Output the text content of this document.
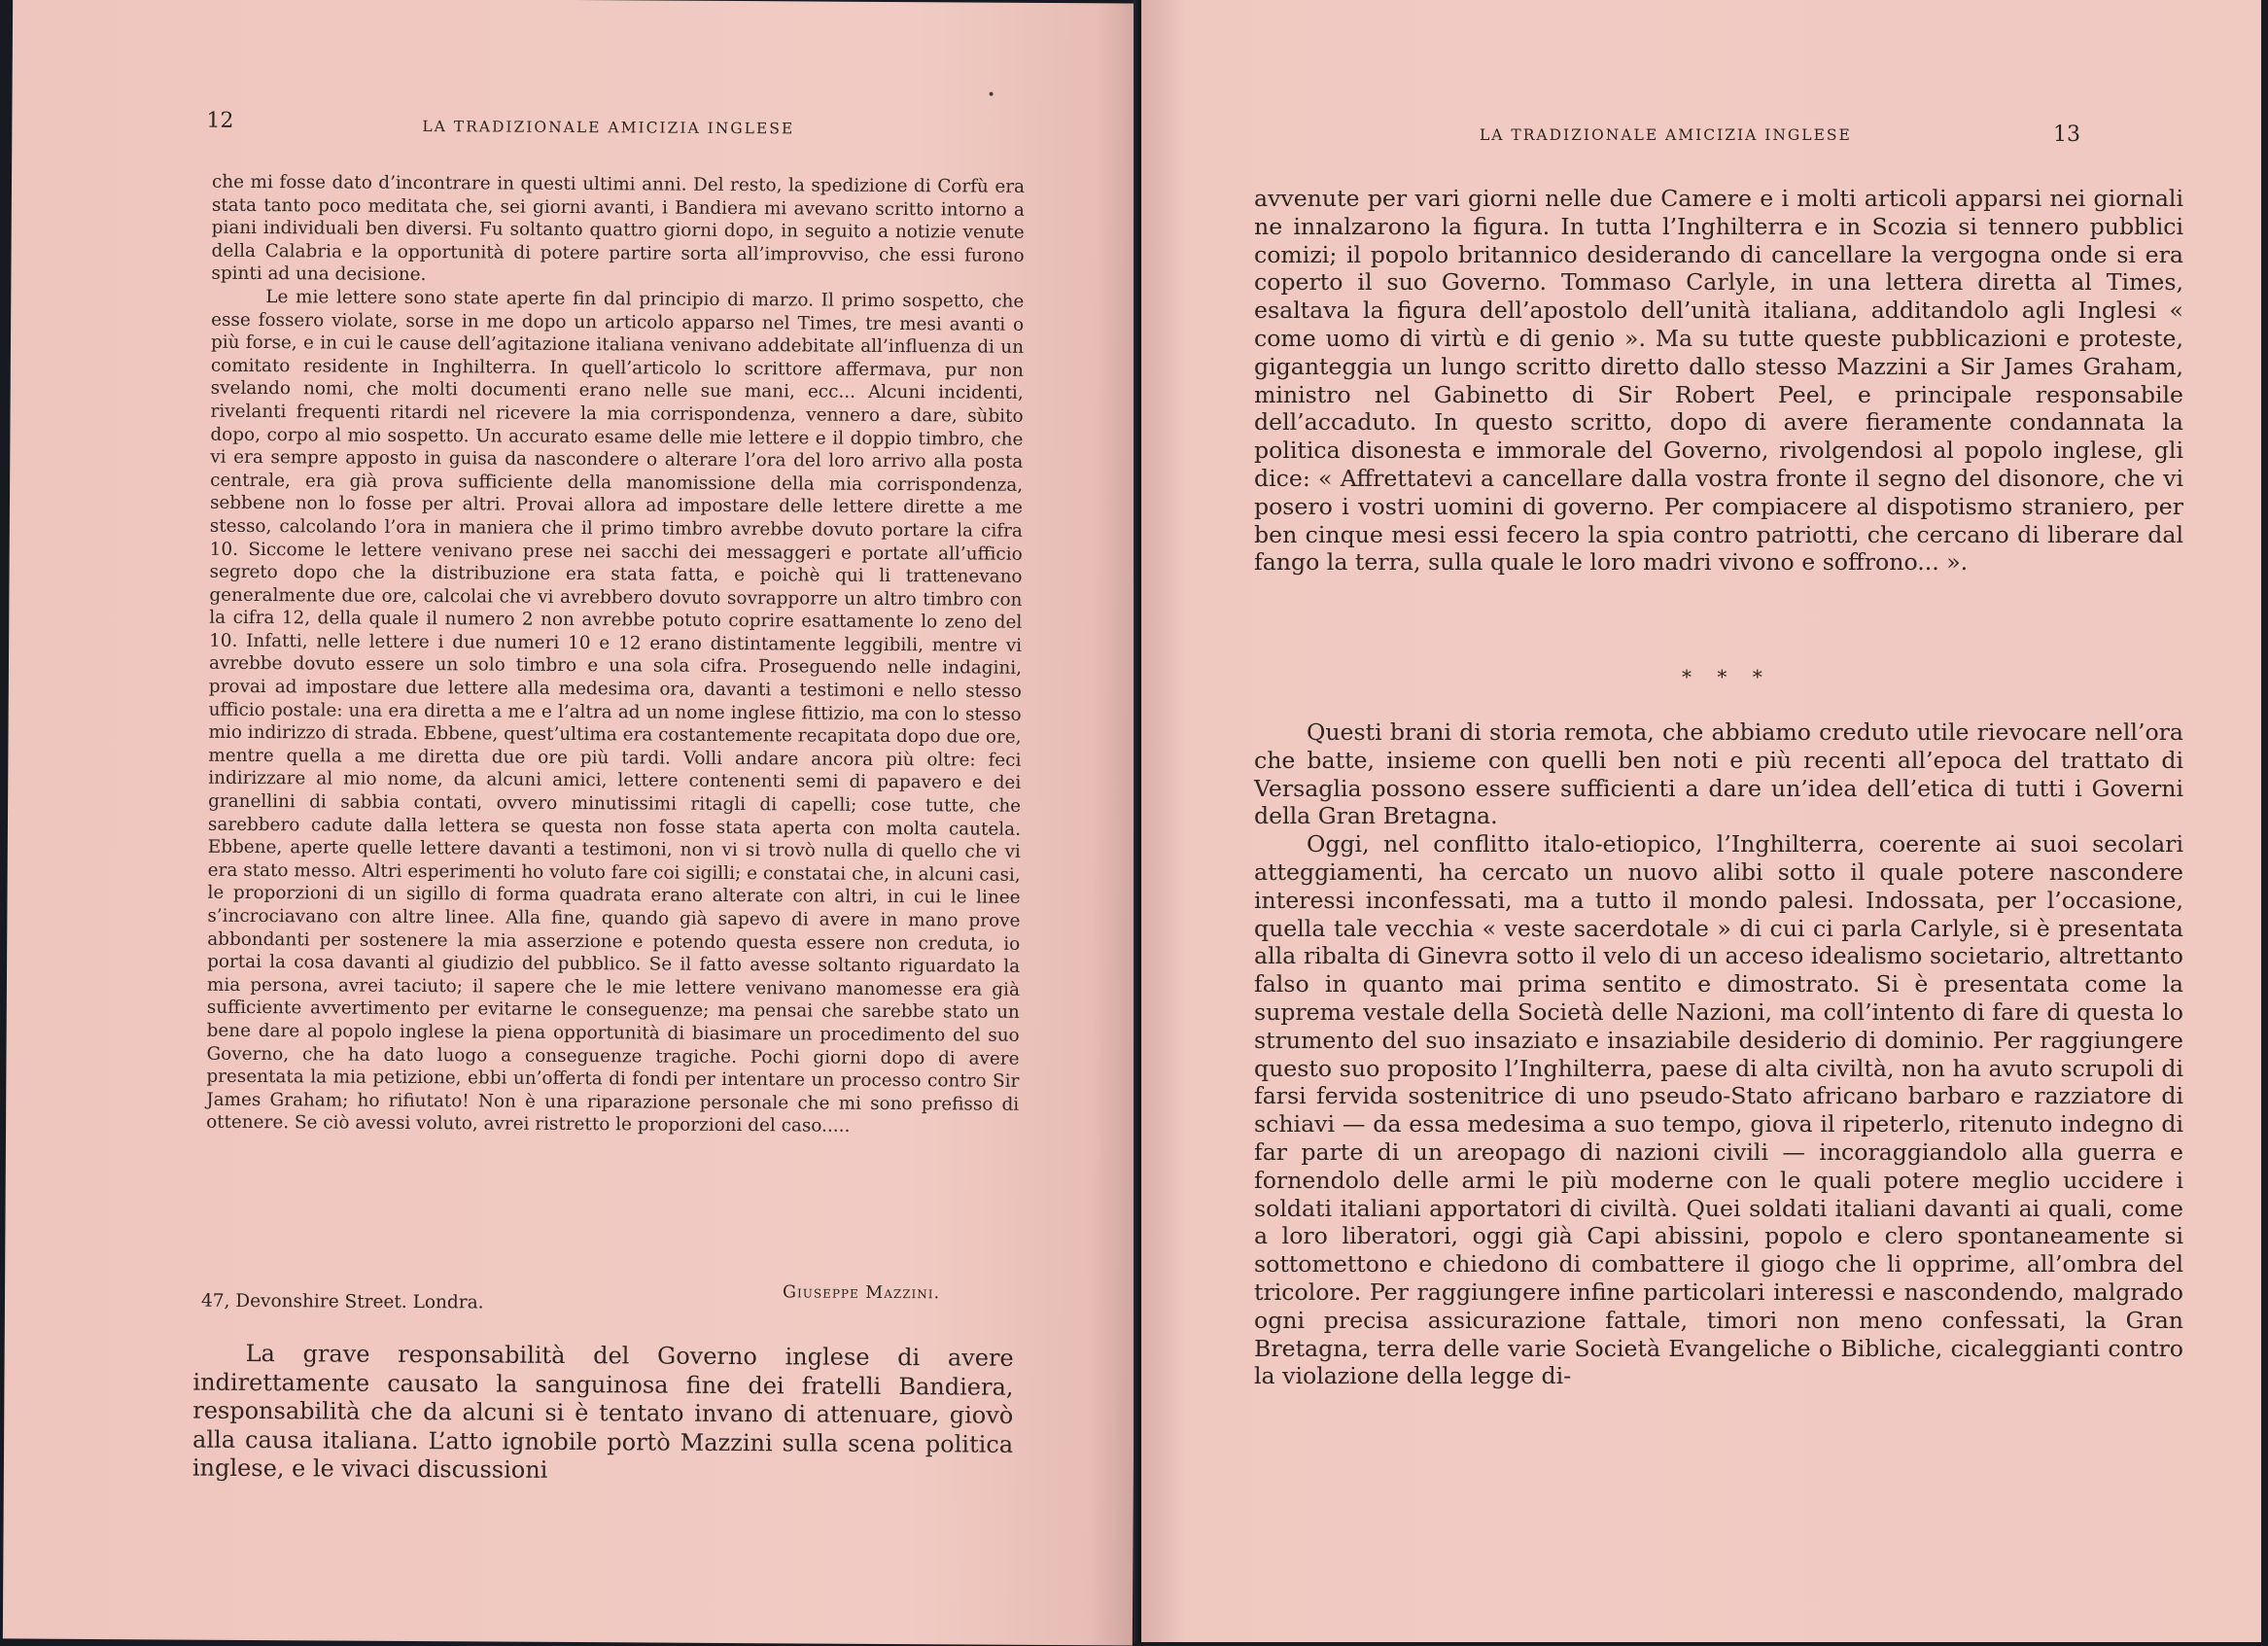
12	LA TRADIZIONALE AMICIZIA INGLESE

che mi fosse dato d’incontrare in questi ultimi anni. Del resto, la spedizione di Corfù era stata tanto poco meditata che, sei giorni avanti, i Bandiera mi avevano scritto intorno a piani individuali ben diversi. Fu soltanto quattro giorni dopo, in seguito a notizie venute della Calabria e la opportunità di potere partire sorta all’improvviso, che essi furono spinti ad una decisione.

Le mie lettere sono state aperte fin dal principio di marzo. Il primo sospetto, che esse fossero violate, sorse in me dopo un articolo apparso nel Times, tre mesi avanti o più forse, e in cui le cause dell’agitazione italiana venivano addebitate all’influenza di un comitato residente in Inghilterra. In quell’articolo lo scrittore affermava, pur non svelando nomi, che molti documenti erano nelle sue mani, ecc... Alcuni incidenti, rivelanti frequenti ritardi nel ricevere la mia corrispondenza, vennero a dare, sùbito dopo, corpo al mio sospetto. Un accurato esame delle mie lettere e il doppio timbro, che vi era sempre apposto in guisa da nascondere o alterare l’ora del loro arrivo alla posta centrale, era già prova sufficiente della manomissione della mia corrispondenza, sebbene non lo fosse per altri. Provai allora ad impostare delle lettere dirette a me stesso, calcolando l’ora in maniera che il primo timbro avrebbe dovuto portare la cifra 10. Siccome le lettere venivano prese nei sacchi dei messaggeri e portate all’ufficio segreto dopo che la distribuzione era stata fatta, e poichè qui li trattenevano generalmente due ore, calcolai che vi avrebbero dovuto sovrapporre un altro timbro con la cifra 12, della quale il numero 2 non avrebbe potuto coprire esattamente lo zeno del 10. Infatti, nelle lettere i due numeri 10 e 12 erano distintamente leggibili, mentre vi avrebbe dovuto essere un solo timbro e una sola cifra. Proseguendo nelle indagini, provai ad impostare due lettere alla medesima ora, davanti a testimoni e nello stesso ufficio postale: una era diretta a me e l’altra ad un nome inglese fittizio, ma con lo stesso mio indirizzo di strada. Ebbene, quest’ultima era costantemente recapitata dopo due ore, mentre quella a me diretta due ore più tardi. Volli andare ancora più oltre: feci indirizzare al mio nome, da alcuni amici, lettere contenenti semi di papavero e dei granellini di sabbia contati, ovvero minutissimi ritagli di capelli; cose tutte, che sarebbero cadute dalla lettera se questa non fosse stata aperta con molta cautela. Ebbene, aperte quelle lettere davanti a testimoni, non vi si trovò nulla di quello che vi era stato messo. Altri esperimenti ho voluto fare coi sigilli; e constatai che, in alcuni casi, le proporzioni di un sigillo di forma quadrata erano alterate con altri, in cui le linee s’incrociavano con altre linee. Alla fine, quando già sapevo di avere in mano prove abbondanti per sostenere la mia asserzione e potendo questa essere non creduta, io portai la cosa davanti al giudizio del pubblico. Se il fatto avesse soltanto riguardato la mia persona, avrei taciuto; il sapere che le mie lettere venivano manomesse era già sufficiente avvertimento per evitarne le conseguenze; ma pensai che sarebbe stato un bene dare al popolo inglese la piena opportunità di biasimare un procedimento del suo Governo, che ha dato luogo a conseguenze tragiche. Pochi giorni dopo di avere presentata la mia petizione, ebbi un’offerta di fondi per intentare un processo contro Sir James Graham; ho rifiutato! Non è una riparazione personale che mi sono prefisso di ottenere. Se ciò avessi voluto, avrei ristretto le proporzioni del caso.....

Giuseppe Mazzini.
47, Devonshire Street. Londra.

La grave responsabilità del Governo inglese di avere indirettamente causato la sanguinosa fine dei fratelli Bandiera, responsabilità che da alcuni si è tentato invano di attenuare, giovò alla causa italiana. L’atto ignobile portò Mazzini sulla scena politica inglese, e le vivaci discussioni

LA TRADIZIONALE AMICIZIA INGLESE	13

avvenute per vari giorni nelle due Camere e i molti articoli apparsi nei giornali ne innalzarono la figura. In tutta l’Inghilterra e in Scozia si tennero pubblici comizi; il popolo britannico desiderando di cancellare la vergogna onde si era coperto il suo Governo. Tommaso Carlyle, in una lettera diretta al Times, esaltava la figura dell’apostolo dell’unità italiana, additandolo agli Inglesi « come uomo di virtù e di genio ». Ma su tutte queste pubblicazioni e proteste, giganteggia un lungo scritto diretto dallo stesso Mazzini a Sir James Graham, ministro nel Gabinetto di Sir Robert Peel, e principale responsabile dell’accaduto. In questo scritto, dopo di avere fieramente condannata la politica disonesta e immorale del Governo, rivolgendosi al popolo inglese, gli dice: « Affrettatevi a cancellare dalla vostra fronte il segno del disonore, che vi posero i vostri uomini di governo. Per compiacere al dispotismo straniero, per ben cinque mesi essi fecero la spia contro patriotti, che cercano di liberare dal fango la terra, sulla quale le loro madri vivono e soffrono... ».

* * *

Questi brani di storia remota, che abbiamo creduto utile rievocare nell’ora che batte, insieme con quelli ben noti e più recenti all’epoca del trattato di Versaglia possono essere sufficienti a dare un’idea dell’etica di tutti i Governi della Gran Bretagna.

Oggi, nel conflitto italo-etiopico, l’Inghilterra, coerente ai suoi secolari atteggiamenti, ha cercato un nuovo alibi sotto il quale potere nascondere interessi inconfessati, ma a tutto il mondo palesi. Indossata, per l’occasione, quella tale vecchia « veste sacerdotale » di cui ci parla Carlyle, si è presentata alla ribalta di Ginevra sotto il velo di un acceso idealismo societario, altrettanto falso in quanto mai prima sentito e dimostrato. Si è presentata come la suprema vestale della Società delle Nazioni, ma coll’intento di fare di questa lo strumento del suo insaziato e insaziabile desiderio di dominio. Per raggiungere questo suo proposito l’Inghilterra, paese di alta civiltà, non ha avuto scrupoli di farsi fervida sostenitrice di uno pseudo-Stato africano barbaro e razziatore di schiavi — da essa medesima a suo tempo, giova il ripeterlo, ritenuto indegno di far parte di un areopago di nazioni civili — incoraggiandolo alla guerra e fornendolo delle armi le più moderne con le quali potere meglio uccidere i soldati italiani apportatori di civiltà. Quei soldati italiani davanti ai quali, come a loro liberatori, oggi già Capi abissini, popolo e clero spontaneamente si sottomettono e chiedono di combattere il giogo che li opprime, all’ombra del tricolore. Per raggiungere infine particolari interessi e nascondendo, malgrado ogni precisa assicurazione fattale, timori non meno confessati, la Gran Bretagna, terra delle varie Società Evangeliche o Bibliche, cicaleggianti contro la violazione della legge di-
